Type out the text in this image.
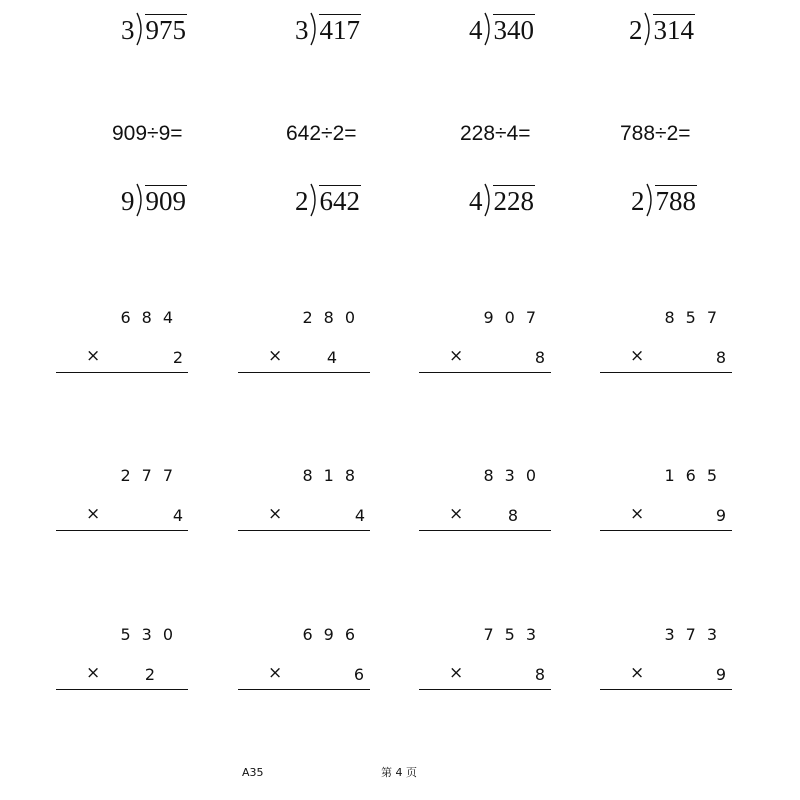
3 975	3 417	4 340	2 314
909÷9=	642÷2=	228÷4=	788÷2=
9 909	2 642	4 228	2 788
684
×	2
280
×	4
907
×	8
857
×	8
277
×	4
818
×	4
830
×	8
165
×	9
530
×	2
696
×	6
753
×	8
373
×	9
A35	第 4 页
